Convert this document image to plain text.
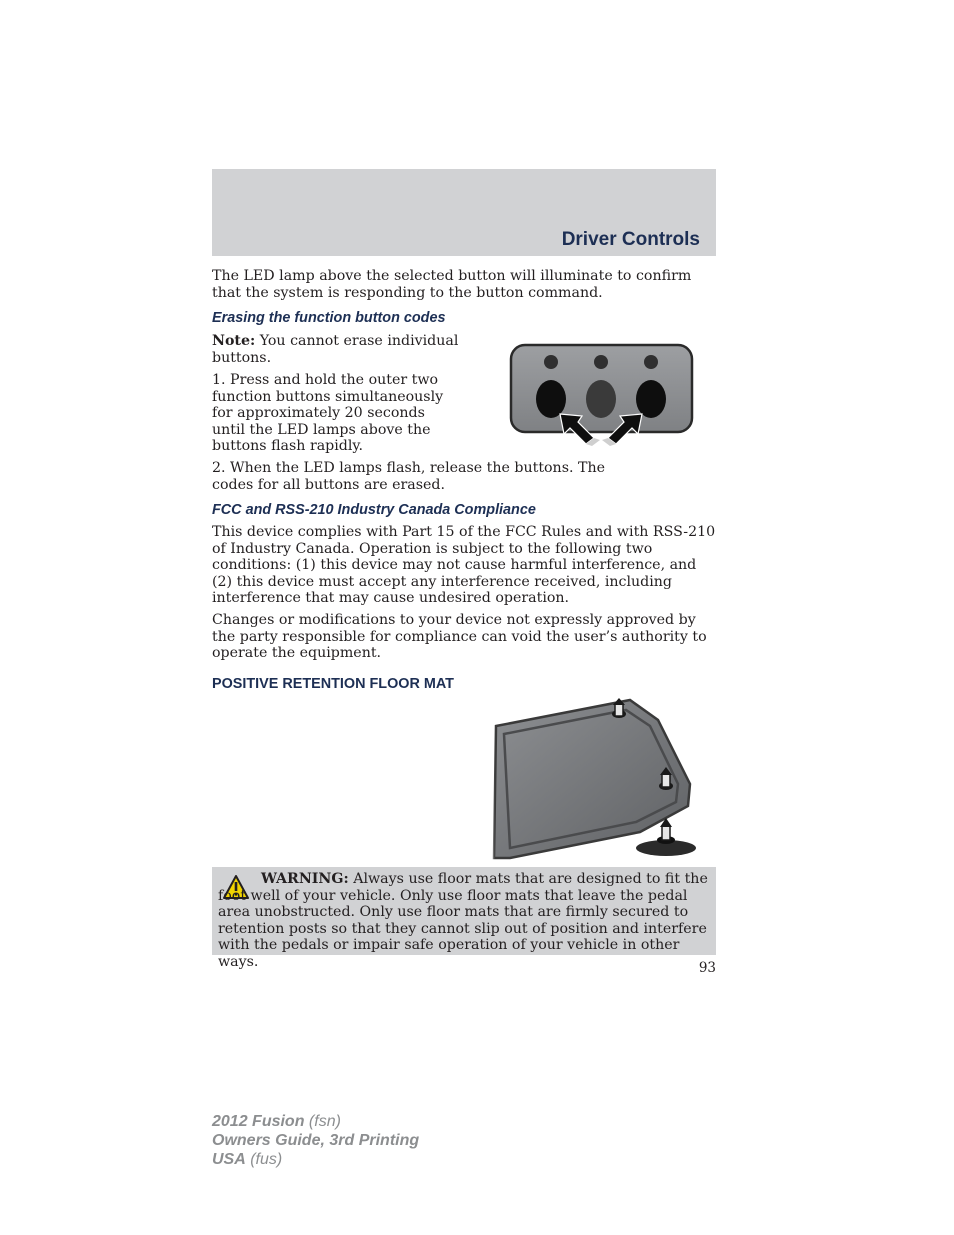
Driver Controls

The LED lamp above the selected button will illuminate to confirm that the system is responding to the button command.

Erasing the function button codes

Note: You cannot erase individual buttons.

1. Press and hold the outer two function buttons simultaneously for approximately 20 seconds until the LED lamps above the buttons flash rapidly.

2. When the LED lamps flash, release the buttons. The codes for all buttons are erased.

FCC and RSS-210 Industry Canada Compliance

This device complies with Part 15 of the FCC Rules and with RSS-210 of Industry Canada. Operation is subject to the following two conditions: (1) this device may not cause harmful interference, and (2) this device must accept any interference received, including interference that may cause undesired operation.

Changes or modifications to your device not expressly approved by the party responsible for compliance can void the user’s authority to operate the equipment.

POSITIVE RETENTION FLOOR MAT

WARNING: Always use floor mats that are designed to fit the foot well of your vehicle. Only use floor mats that leave the pedal area unobstructed. Only use floor mats that are firmly secured to retention posts so that they cannot slip out of position and interfere with the pedals or impair safe operation of your vehicle in other ways.	93
2012 Fusion (fsn)
Owners Guide, 3rd Printing
USA (fus)
